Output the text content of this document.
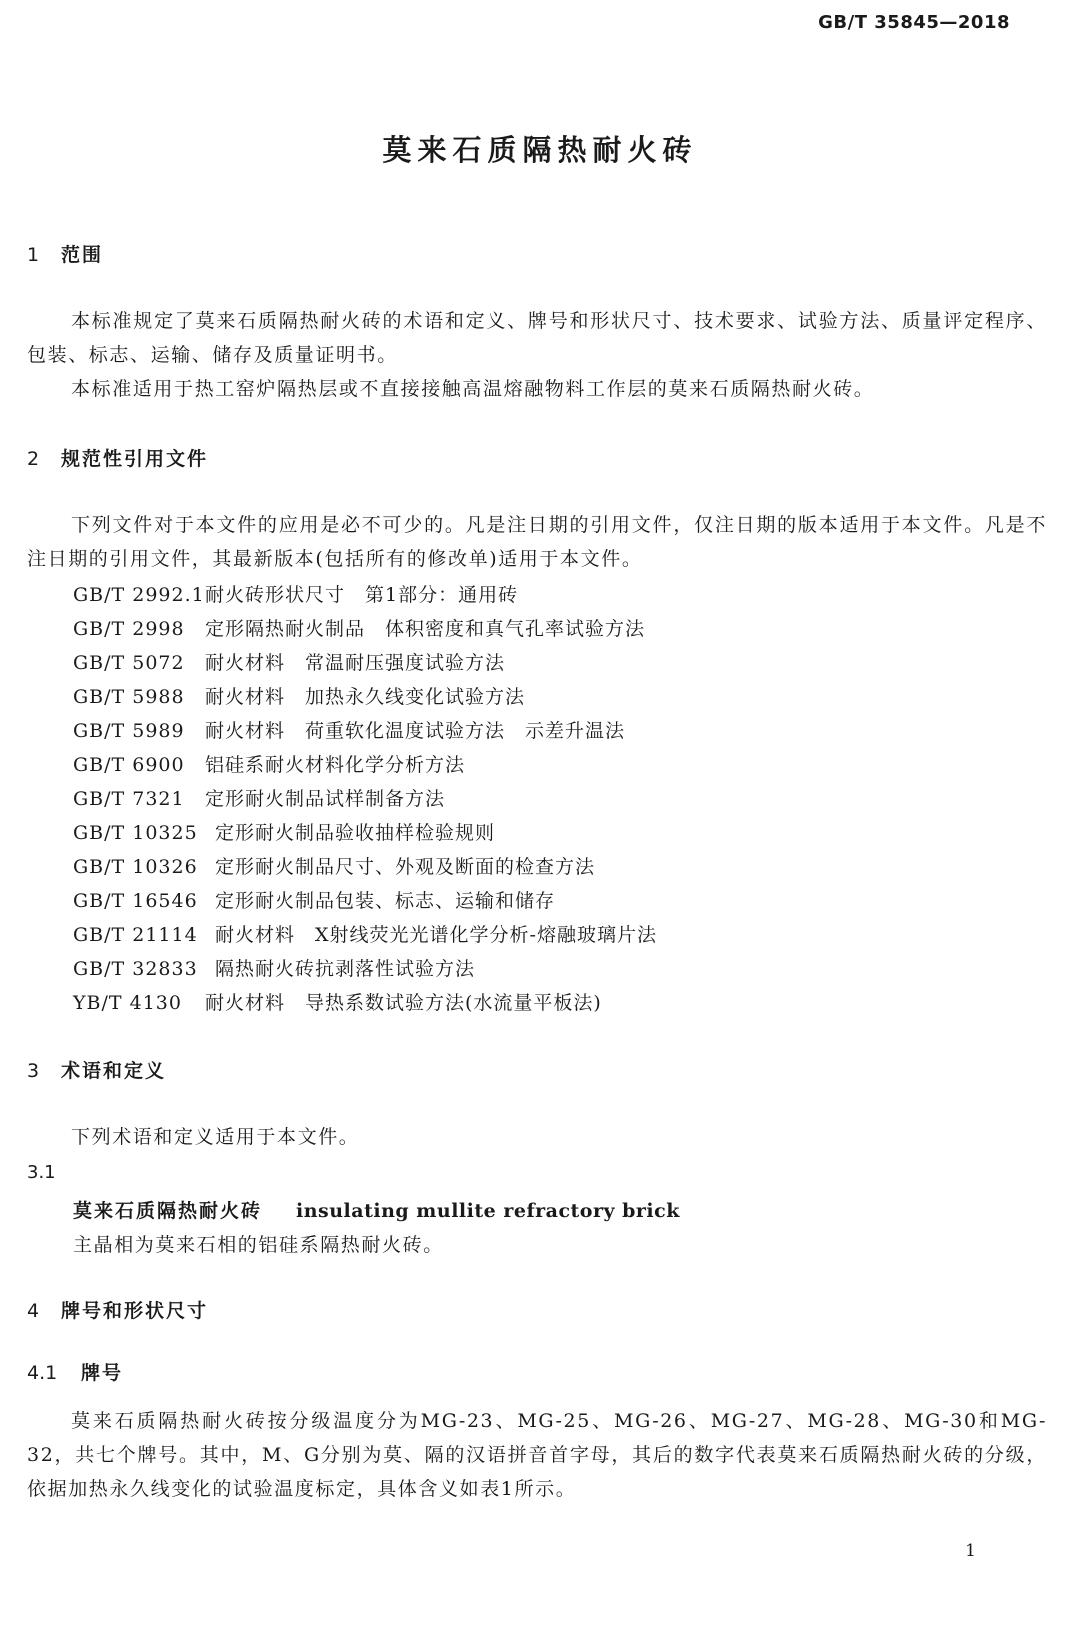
GB/T 35845—2018
莫来石质隔热耐火砖
1 范围
本标准规定了莫来石质隔热耐火砖的术语和定义、牌号和形状尺寸、技术要求、试验方法、质量评定程序、包装、标志、运输、储存及质量证明书。
本标准适用于热工窑炉隔热层或不直接接触高温熔融物料工作层的莫来石质隔热耐火砖。
2 规范性引用文件
下列文件对于本文件的应用是必不可少的。凡是注日期的引用文件，仅注日期的版本适用于本文件。凡是不注日期的引用文件，其最新版本(包括所有的修改单)适用于本文件。
GB/T 2992.1耐火砖形状尺寸　第1部分：通用砖
GB/T 2998 定形隔热耐火制品　体积密度和真气孔率试验方法
GB/T 5072 耐火材料　常温耐压强度试验方法
GB/T 5988 耐火材料　加热永久线变化试验方法
GB/T 5989 耐火材料　荷重软化温度试验方法　示差升温法
GB/T 6900 铝硅系耐火材料化学分析方法
GB/T 7321 定形耐火制品试样制备方法
GB/T 10325 定形耐火制品验收抽样检验规则
GB/T 10326 定形耐火制品尺寸、外观及断面的检查方法
GB/T 16546 定形耐火制品包装、标志、运输和储存
GB/T 21114 耐火材料　X射线荧光光谱化学分析-熔融玻璃片法
GB/T 32833 隔热耐火砖抗剥落性试验方法
YB/T 4130 耐火材料　导热系数试验方法(水流量平板法)
3 术语和定义
下列术语和定义适用于本文件。
3.1
莫来石质隔热耐火砖 insulating mullite refractory brick
主晶相为莫来石相的铝硅系隔热耐火砖。
4 牌号和形状尺寸
4.1 牌号
莫来石质隔热耐火砖按分级温度分为MG-23、MG-25、MG-26、MG-27、MG-28、MG-30和MG-32，共七个牌号。其中，M、G分别为莫、隔的汉语拼音首字母，其后的数字代表莫来石质隔热耐火砖的分级，依据加热永久线变化的试验温度标定，具体含义如表1所示。
1
